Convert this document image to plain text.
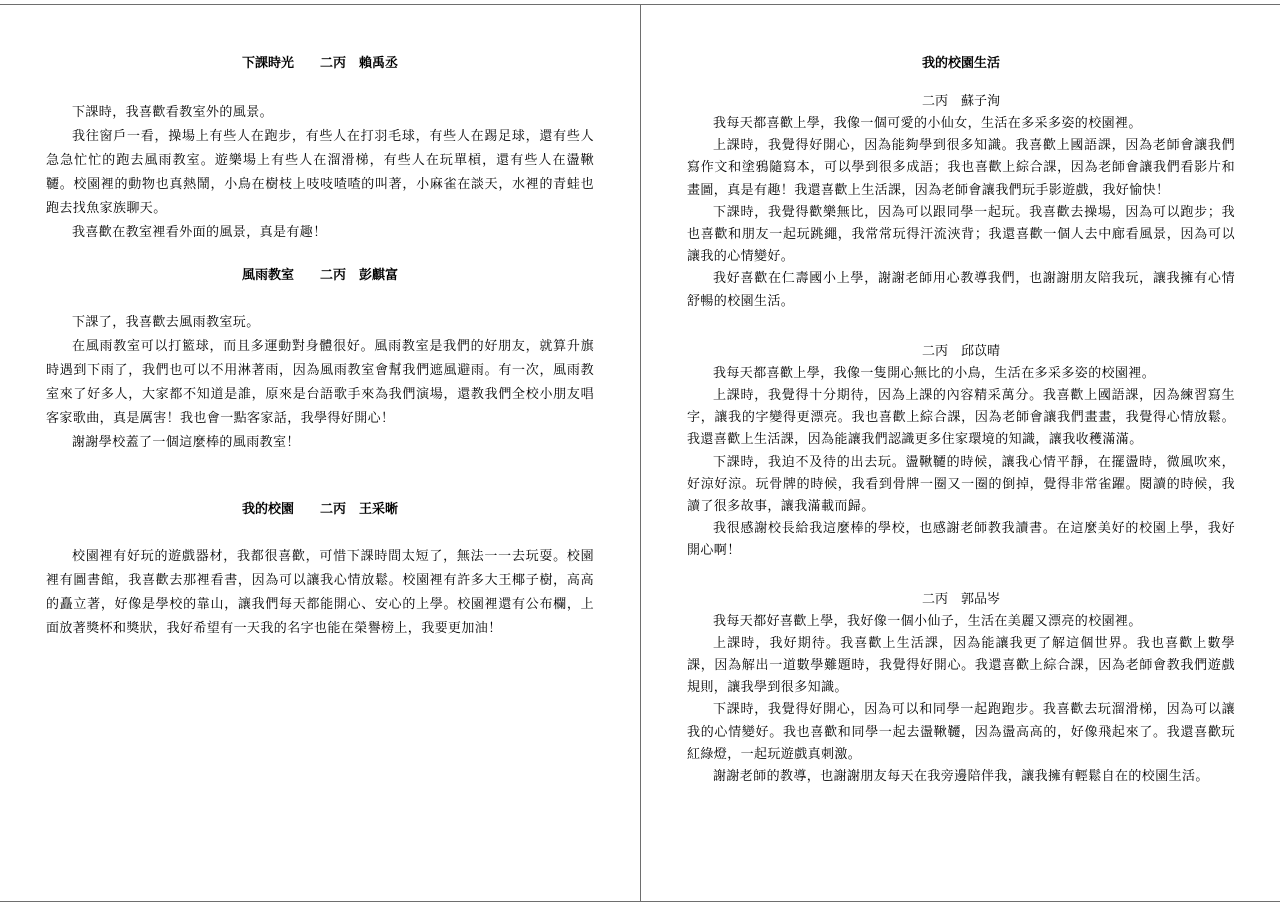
下課時光　　二丙　賴禹丞

下課時，我喜歡看教室外的風景。

我往窗戶一看，操場上有些人在跑步，有些人在打羽毛球，有些人在踢足球，還有些人急急忙忙的跑去風雨教室。遊樂場上有些人在溜滑梯，有些人在玩單槓，還有些人在盪鞦韆。校園裡的動物也真熱鬧，小鳥在樹枝上吱吱喳喳的叫著，小麻雀在談天，水裡的青蛙也跑去找魚家族聊天。

我喜歡在教室裡看外面的風景，真是有趣！

風雨教室　　二丙　彭麒富

下課了，我喜歡去風雨教室玩。

在風雨教室可以打籃球，而且多運動對身體很好。風雨教室是我們的好朋友，就算升旗時遇到下雨了，我們也可以不用淋著雨，因為風雨教室會幫我們遮風避雨。有一次，風雨教室來了好多人，大家都不知道是誰，原來是台語歌手來為我們演場，還教我們全校小朋友唱客家歌曲，真是厲害！我也會一點客家話，我學得好開心！

謝謝學校蓋了一個這麼棒的風雨教室！

我的校園　　二丙　王采晰

校園裡有好玩的遊戲器材，我都很喜歡，可惜下課時間太短了，無法一一去玩耍。校園裡有圖書館，我喜歡去那裡看書，因為可以讓我心情放鬆。校園裡有許多大王椰子樹，高高的矗立著，好像是學校的靠山，讓我們每天都能開心、安心的上學。校園裡還有公布欄，上面放著獎杯和獎狀，我好希望有一天我的名字也能在榮譽榜上，我要更加油！

我的校園生活
二丙　蘇子洵

我每天都喜歡上學，我像一個可愛的小仙女，生活在多采多姿的校園裡。

上課時，我覺得好開心，因為能夠學到很多知識。我喜歡上國語課，因為老師會讓我們寫作文和塗鴉隨寫本，可以學到很多成語；我也喜歡上綜合課，因為老師會讓我們看影片和畫圖，真是有趣！我還喜歡上生活課，因為老師會讓我們玩手影遊戲，我好愉快！

下課時，我覺得歡樂無比，因為可以跟同學一起玩。我喜歡去操場，因為可以跑步；我也喜歡和朋友一起玩跳繩，我常常玩得汗流浹背；我還喜歡一個人去中廊看風景，因為可以讓我的心情變好。

我好喜歡在仁壽國小上學，謝謝老師用心教導我們，也謝謝朋友陪我玩，讓我擁有心情舒暢的校園生活。

二丙　邱苡晴

我每天都喜歡上學，我像一隻開心無比的小鳥，生活在多采多姿的校園裡。

上課時，我覺得十分期待，因為上課的內容精采萬分。我喜歡上國語課，因為練習寫生字，讓我的字變得更漂亮。我也喜歡上綜合課，因為老師會讓我們畫畫，我覺得心情放鬆。我還喜歡上生活課，因為能讓我們認識更多住家環境的知識，讓我收穫滿滿。

下課時，我迫不及待的出去玩。盪鞦韆的時候，讓我心情平靜，在擺盪時，微風吹來，好涼好涼。玩骨牌的時候，我看到骨牌一圈又一圈的倒掉，覺得非常雀躍。閱讀的時候，我讀了很多故事，讓我滿載而歸。

我很感謝校長給我這麼棒的學校，也感謝老師教我讀書。在這麼美好的校園上學，我好開心啊！

二丙　郭品岑

我每天都好喜歡上學，我好像一個小仙子，生活在美麗又漂亮的校園裡。

上課時，我好期待。我喜歡上生活課，因為能讓我更了解這個世界。我也喜歡上數學課，因為解出一道數學難題時，我覺得好開心。我還喜歡上綜合課，因為老師會教我們遊戲規則，讓我學到很多知識。

下課時，我覺得好開心，因為可以和同學一起跑跑步。我喜歡去玩溜滑梯，因為可以讓我的心情變好。我也喜歡和同學一起去盪鞦韆，因為盪高高的，好像飛起來了。我還喜歡玩紅綠燈，一起玩遊戲真刺激。

謝謝老師的教導，也謝謝朋友每天在我旁邊陪伴我，讓我擁有輕鬆自在的校園生活。
